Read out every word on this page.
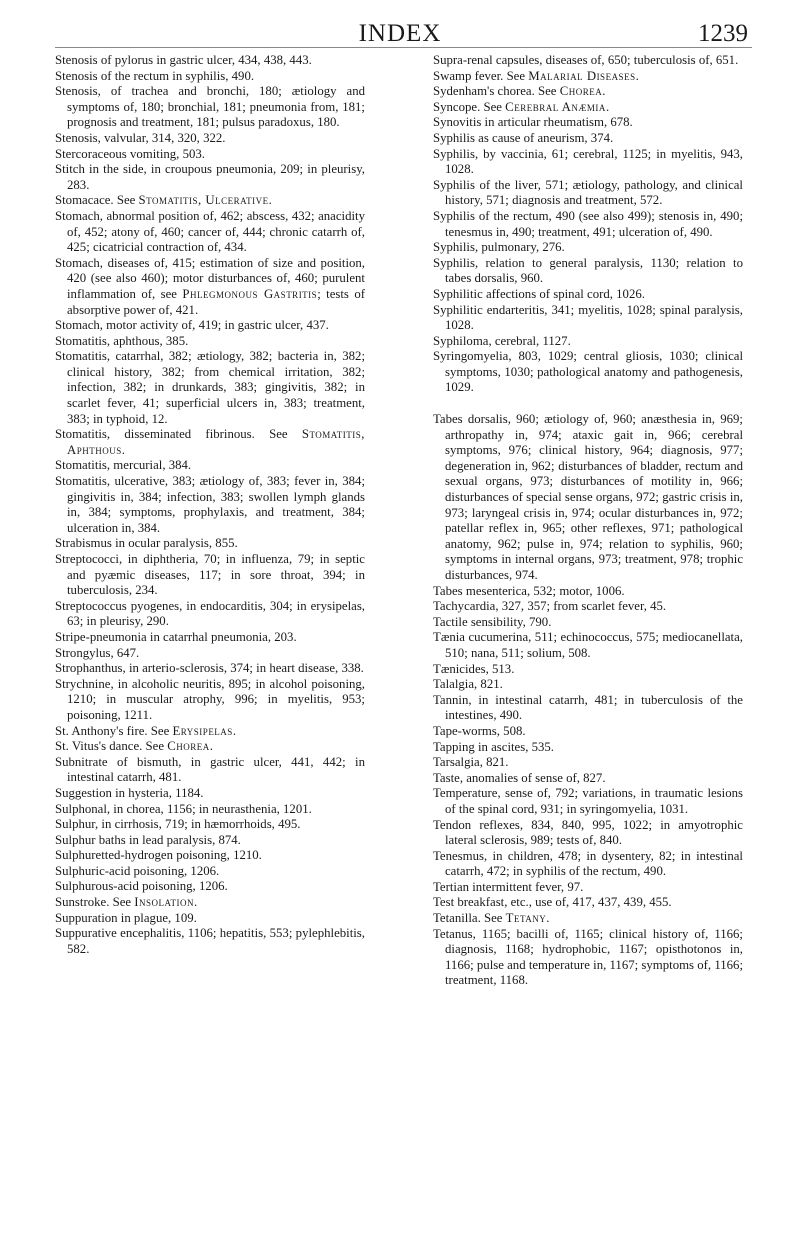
INDEX	1239

Stenosis of pylorus in gastric ulcer, 434, 438, 443.

Stenosis of the rectum in syphilis, 490.

Stenosis, of trachea and bronchi, 180; ætiology and symptoms of, 180; bronchial, 181; pneumonia from, 181; prognosis and treatment, 181; pulsus paradoxus, 180.

Stenosis, valvular, 314, 320, 322.

Stercoraceous vomiting, 503.

Stitch in the side, in croupous pneumonia, 209; in pleurisy, 283.

Stomacace. See Stomatitis, Ulcerative.

Stomach, abnormal position of, 462; abscess, 432; anacidity of, 452; atony of, 460; cancer of, 444; chronic catarrh of, 425; cicatricial contraction of, 434.

Stomach, diseases of, 415; estimation of size and position, 420 (see also 460); motor disturbances of, 460; purulent inflammation of, see Phlegmonous Gastritis; tests of absorptive power of, 421.

Stomach, motor activity of, 419; in gastric ulcer, 437.

Stomatitis, aphthous, 385.

Stomatitis, catarrhal, 382; ætiology, 382; bacteria in, 382; clinical history, 382; from chemical irritation, 382; infection, 382; in drunkards, 383; gingivitis, 382; in scarlet fever, 41; superficial ulcers in, 383; treatment, 383; in typhoid, 12.

Stomatitis, disseminated fibrinous. See Stomatitis, Aphthous.

Stomatitis, mercurial, 384.

Stomatitis, ulcerative, 383; ætiology of, 383; fever in, 384; gingivitis in, 384; infection, 383; swollen lymph glands in, 384; symptoms, prophylaxis, and treatment, 384; ulceration in, 384.

Strabismus in ocular paralysis, 855.

Streptococci, in diphtheria, 70; in influenza, 79; in septic and pyæmic diseases, 117; in sore throat, 394; in tuberculosis, 234.

Streptococcus pyogenes, in endocarditis, 304; in erysipelas, 63; in pleurisy, 290.

Stripe-pneumonia in catarrhal pneumonia, 203.

Strongylus, 647.

Strophanthus, in arterio-sclerosis, 374; in heart disease, 338.

Strychnine, in alcoholic neuritis, 895; in alcohol poisoning, 1210; in muscular atrophy, 996; in myelitis, 953; poisoning, 1211.

St. Anthony's fire. See Erysipelas.

St. Vitus's dance. See Chorea.

Subnitrate of bismuth, in gastric ulcer, 441, 442; in intestinal catarrh, 481.

Suggestion in hysteria, 1184.

Sulphonal, in chorea, 1156; in neurasthenia, 1201.

Sulphur, in cirrhosis, 719; in hæmorrhoids, 495.

Sulphur baths in lead paralysis, 874.

Sulphuretted-hydrogen poisoning, 1210.

Sulphuric-acid poisoning, 1206.

Sulphurous-acid poisoning, 1206.

Sunstroke. See Insolation.

Suppuration in plague, 109.

Suppurative encephalitis, 1106; hepatitis, 553; pylephlebitis, 582.

Supra-renal capsules, diseases of, 650; tuberculosis of, 651.

Swamp fever. See Malarial Diseases.

Sydenham's chorea. See Chorea.

Syncope. See Cerebral Anæmia.

Synovitis in articular rheumatism, 678.

Syphilis as cause of aneurism, 374.

Syphilis, by vaccinia, 61; cerebral, 1125; in myelitis, 943, 1028.

Syphilis of the liver, 571; ætiology, pathology, and clinical history, 571; diagnosis and treatment, 572.

Syphilis of the rectum, 490 (see also 499); stenosis in, 490; tenesmus in, 490; treatment, 491; ulceration of, 490.

Syphilis, pulmonary, 276.

Syphilis, relation to general paralysis, 1130; relation to tabes dorsalis, 960.

Syphilitic affections of spinal cord, 1026.

Syphilitic endarteritis, 341; myelitis, 1028; spinal paralysis, 1028.

Syphiloma, cerebral, 1127.

Syringomyelia, 803, 1029; central gliosis, 1030; clinical symptoms, 1030; pathological anatomy and pathogenesis, 1029.

Tabes dorsalis, 960; ætiology of, 960; anæsthesia in, 969; arthropathy in, 974; ataxic gait in, 966; cerebral symptoms, 976; clinical history, 964; diagnosis, 977; degeneration in, 962; disturbances of bladder, rectum and sexual organs, 973; disturbances of motility in, 966; disturbances of special sense organs, 972; gastric crisis in, 973; laryngeal crisis in, 974; ocular disturbances in, 972; patellar reflex in, 965; other reflexes, 971; pathological anatomy, 962; pulse in, 974; relation to syphilis, 960; symptoms in internal organs, 973; treatment, 978; trophic disturbances, 974.

Tabes mesenterica, 532; motor, 1006.

Tachycardia, 327, 357; from scarlet fever, 45.

Tactile sensibility, 790.

Tænia cucumerina, 511; echinococcus, 575; mediocanellata, 510; nana, 511; solium, 508.

Tænicides, 513.

Talalgia, 821.

Tannin, in intestinal catarrh, 481; in tuberculosis of the intestines, 490.

Tape-worms, 508.

Tapping in ascites, 535.

Tarsalgia, 821.

Taste, anomalies of sense of, 827.

Temperature, sense of, 792; variations, in traumatic lesions of the spinal cord, 931; in syringomyelia, 1031.

Tendon reflexes, 834, 840, 995, 1022; in amyotrophic lateral sclerosis, 989; tests of, 840.

Tenesmus, in children, 478; in dysentery, 82; in intestinal catarrh, 472; in syphilis of the rectum, 490.

Tertian intermittent fever, 97.

Test breakfast, etc., use of, 417, 437, 439, 455.

Tetanilla. See Tetany.

Tetanus, 1165; bacilli of, 1165; clinical history of, 1166; diagnosis, 1168; hydrophobic, 1167; opisthotonos in, 1166; pulse and temperature in, 1167; symptoms of, 1166; treatment, 1168.
